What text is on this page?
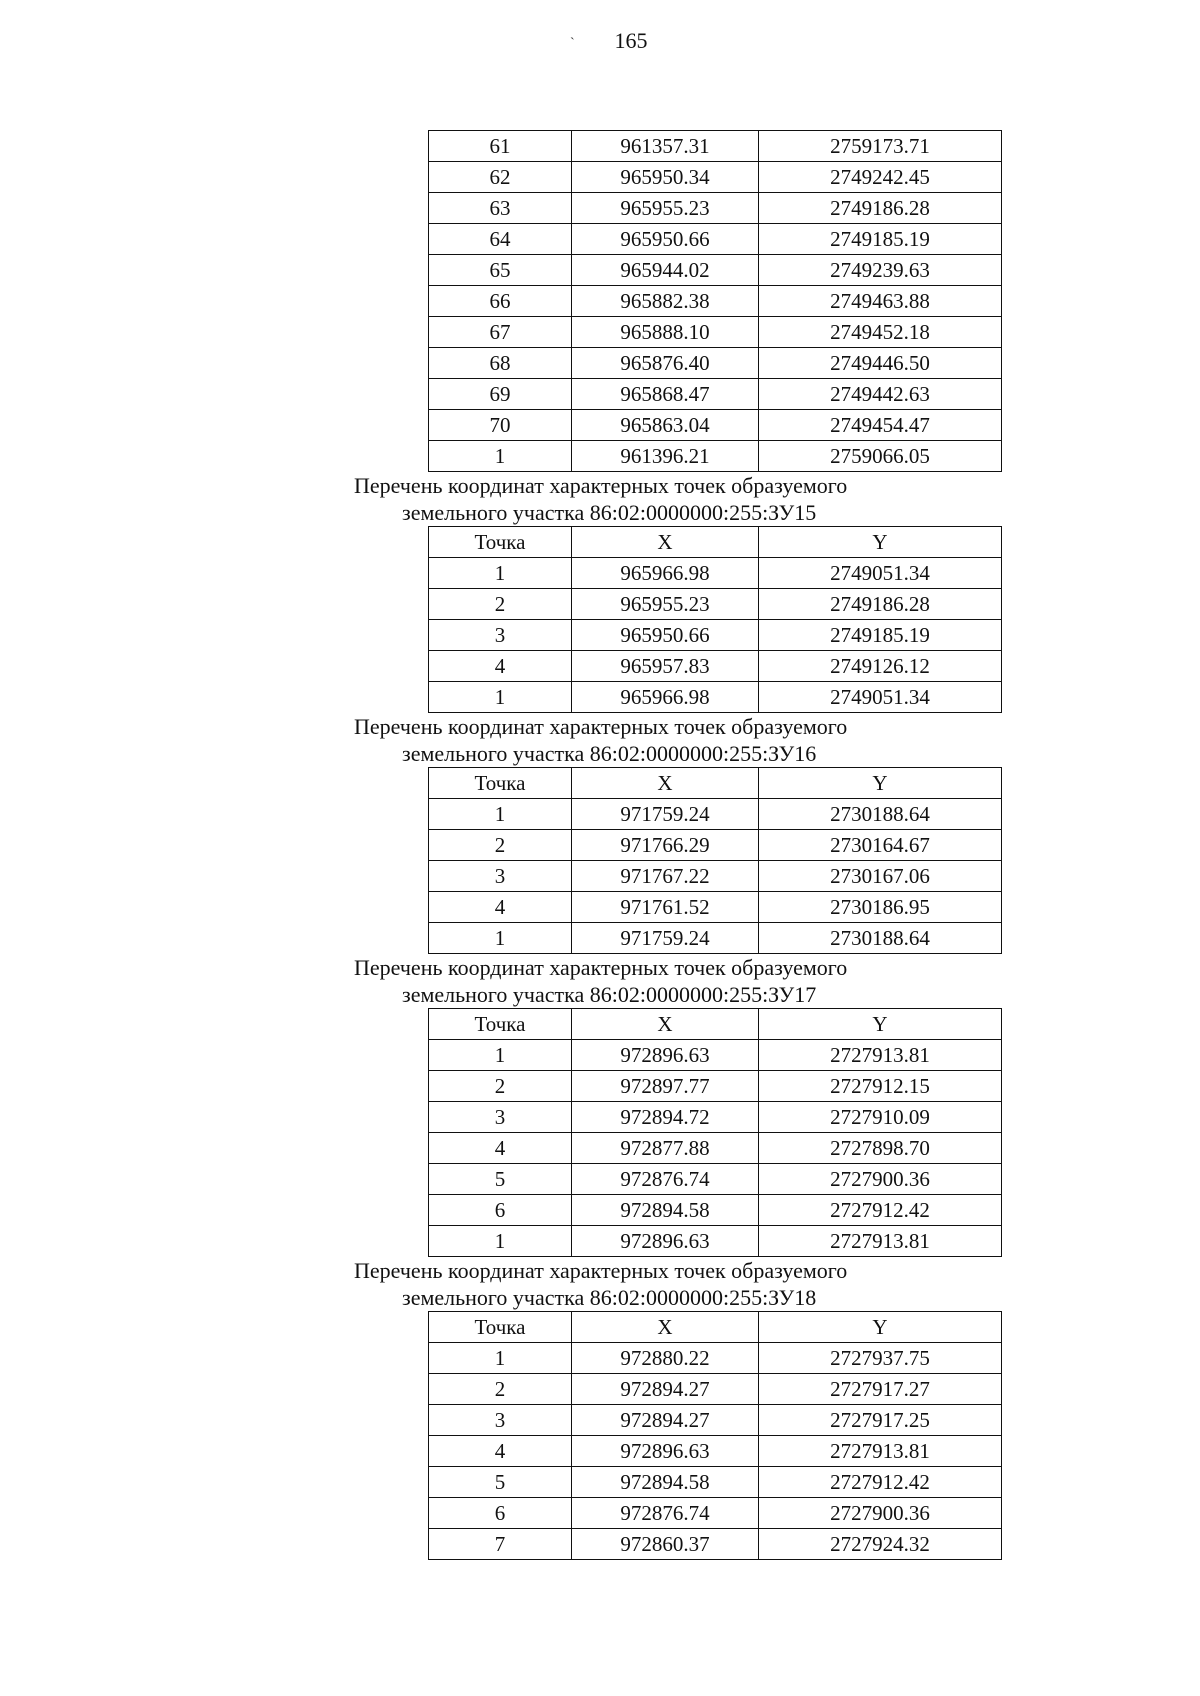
`	165
61	961357.31	2759173.71
62	965950.34	2749242.45
63	965955.23	2749186.28
64	965950.66	2749185.19
65	965944.02	2749239.63
66	965882.38	2749463.88
67	965888.10	2749452.18
68	965876.40	2749446.50
69	965868.47	2749442.63
70	965863.04	2749454.47
1	961396.21	2759066.05

Перечень координат характерных точек образуемого
земельного участка 86:02:0000000:255:ЗУ15

Точка	X	Y
1	965966.98	2749051.34
2	965955.23	2749186.28
3	965950.66	2749185.19
4	965957.83	2749126.12
1	965966.98	2749051.34

Перечень координат характерных точек образуемого
земельного участка 86:02:0000000:255:ЗУ16

Точка	X	Y
1	971759.24	2730188.64
2	971766.29	2730164.67
3	971767.22	2730167.06
4	971761.52	2730186.95
1	971759.24	2730188.64

Перечень координат характерных точек образуемого
земельного участка 86:02:0000000:255:ЗУ17

Точка	X	Y
1	972896.63	2727913.81
2	972897.77	2727912.15
3	972894.72	2727910.09
4	972877.88	2727898.70
5	972876.74	2727900.36
6	972894.58	2727912.42
1	972896.63	2727913.81

Перечень координат характерных точек образуемого
земельного участка 86:02:0000000:255:ЗУ18

Точка	X	Y
1	972880.22	2727937.75
2	972894.27	2727917.27
3	972894.27	2727917.25
4	972896.63	2727913.81
5	972894.58	2727912.42
6	972876.74	2727900.36
7	972860.37	2727924.32
